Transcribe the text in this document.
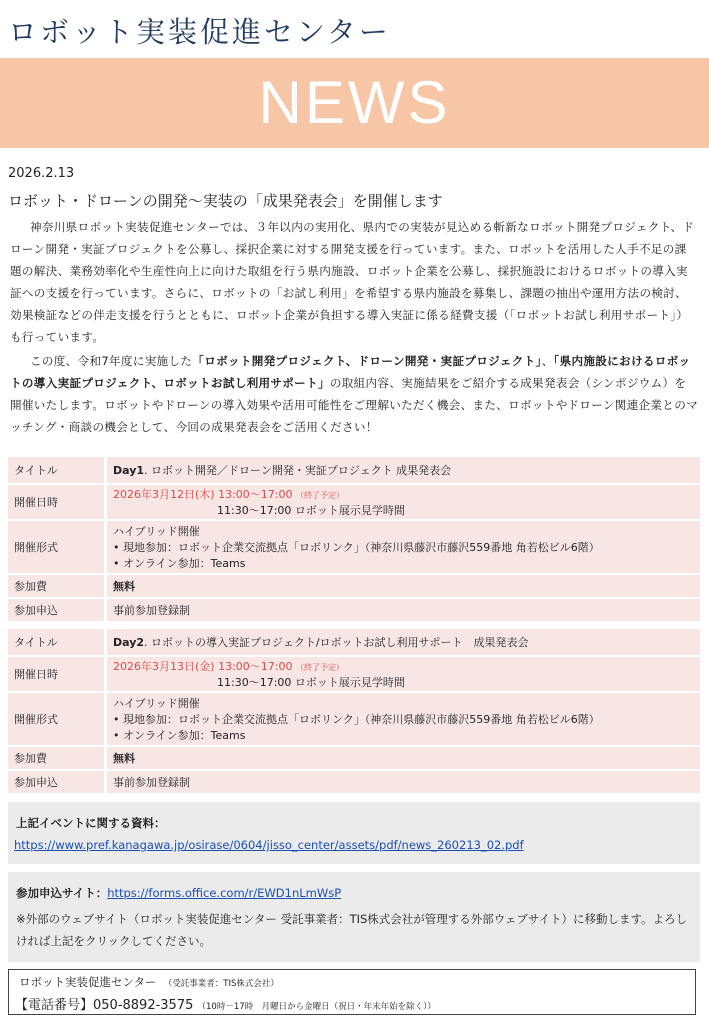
ロボット実装促進センター
NEWS
2026.2.13
ロボット・ドローンの開発～実装の「成果発表会」を開催します

神奈川県ロボット実装促進センターでは、３年以内の実用化、県内での実装が見込める斬新なロボット開発プロジェクト、ドローン開発・実証プロジェクトを公募し、採択企業に対する開発支援を行っています。また、ロボットを活用した人手不足の課題の解決、業務効率化や生産性向上に向けた取組を行う県内施設、ロボット企業を公募し、採択施設におけるロボットの導入実証への支援を行っています。さらに、ロボットの「お試し利用」を希望する県内施設を募集し、課題の抽出や運用方法の検討、効果検証などの伴走支援を行うとともに、ロボット企業が負担する導入実証に係る経費支援（「ロボットお試し利用サポート」）も行っています。

この度、令和7年度に実施した「ロボット開発プロジェクト、ドローン開発・実証プロジェクト」、「県内施設におけるロボットの導入実証プロジェクト、ロボットお試し利用サポート」の取組内容、実施結果をご紹介する成果発表会（シンポジウム）を開催いたします。ロボットやドローンの導入効果や活用可能性をご理解いただく機会、また、ロボットやドローン関連企業とのマッチング・商談の機会として、今回の成果発表会をご活用ください！

タイトル	Day1. ロボット開発／ドローン開発・実証プロジェクト 成果発表会
開催日時	2026年3月12日(木) 13:00～17:00 （終了予定）
11:30～17:00 ロボット展示見学時間

開催形式	ハイブリッド開催
• 現地参加：ロボット企業交流拠点「ロボリンク」（神奈川県藤沢市藤沢559番地 角若松ビル6階）
• オンライン参加：Teams

参加費	無料
参加申込	事前参加登録制
タイトル	Day2. ロボットの導入実証プロジェクト/ロボットお試し利用サポート　成果発表会
開催日時	2026年3月13日(金) 13:00～17:00 （終了予定）
11:30～17:00 ロボット展示見学時間

開催形式	ハイブリッド開催
• 現地参加：ロボット企業交流拠点「ロボリンク」（神奈川県藤沢市藤沢559番地 角若松ビル6階）
• オンライン参加：Teams

参加費	無料
参加申込	事前参加登録制
上記イベントに関する資料：
https://www.pref.kanagawa.jp/osirase/0604/jisso_center/assets/pdf/news_260213_02.pdf
参加申込サイト：https://forms.office.com/r/EWD1nLmWsP
※外部のウェブサイト（ロボット実装促進センター 受託事業者：TIS株式会社が管理する外部ウェブサイト）に移動します。よろしければ上記をクリックしてください。
ロボット実装促進センター　 （受託事業者：TIS株式会社）
【電話番号】050-8892-3575 （10時－17時　月曜日から金曜日（祝日・年末年始を除く））
